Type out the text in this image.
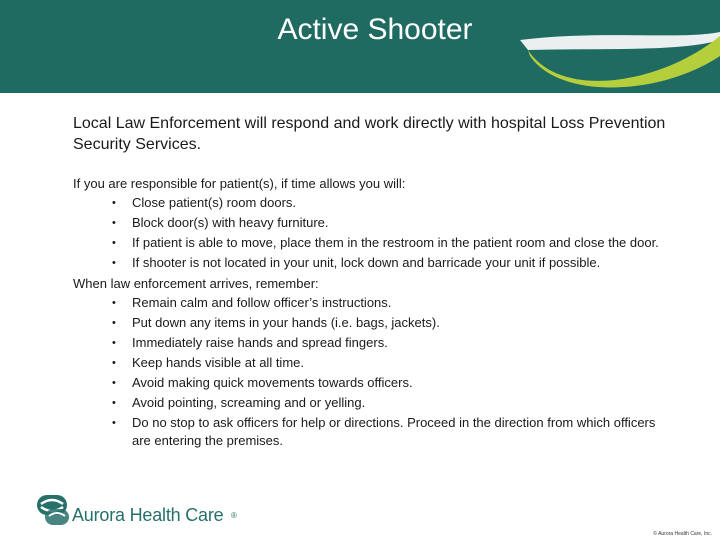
Active Shooter

Local Law Enforcement will respond and work directly with hospital Loss Prevention Security Services.

If you are responsible for patient(s), if time allows you will:

• Close patient(s) room doors.
• Block door(s) with heavy furniture.
• If patient is able to move, place them in the restroom in the patient room and close the door.
• If shooter is not located in your unit, lock down and barricade your unit if possible.

When law enforcement arrives, remember:

• Remain calm and follow officer’s instructions.
• Put down any items in your hands (i.e. bags, jackets).
• Immediately raise hands and spread fingers.
• Keep hands visible at all time.
• Avoid making quick movements towards officers.
• Avoid pointing, screaming and or yelling.
• Do no stop to ask officers for help or directions. Proceed in the direction from which officers are entering the premises.
Aurora Health Care ®
© Aurora Health Care, Inc.
